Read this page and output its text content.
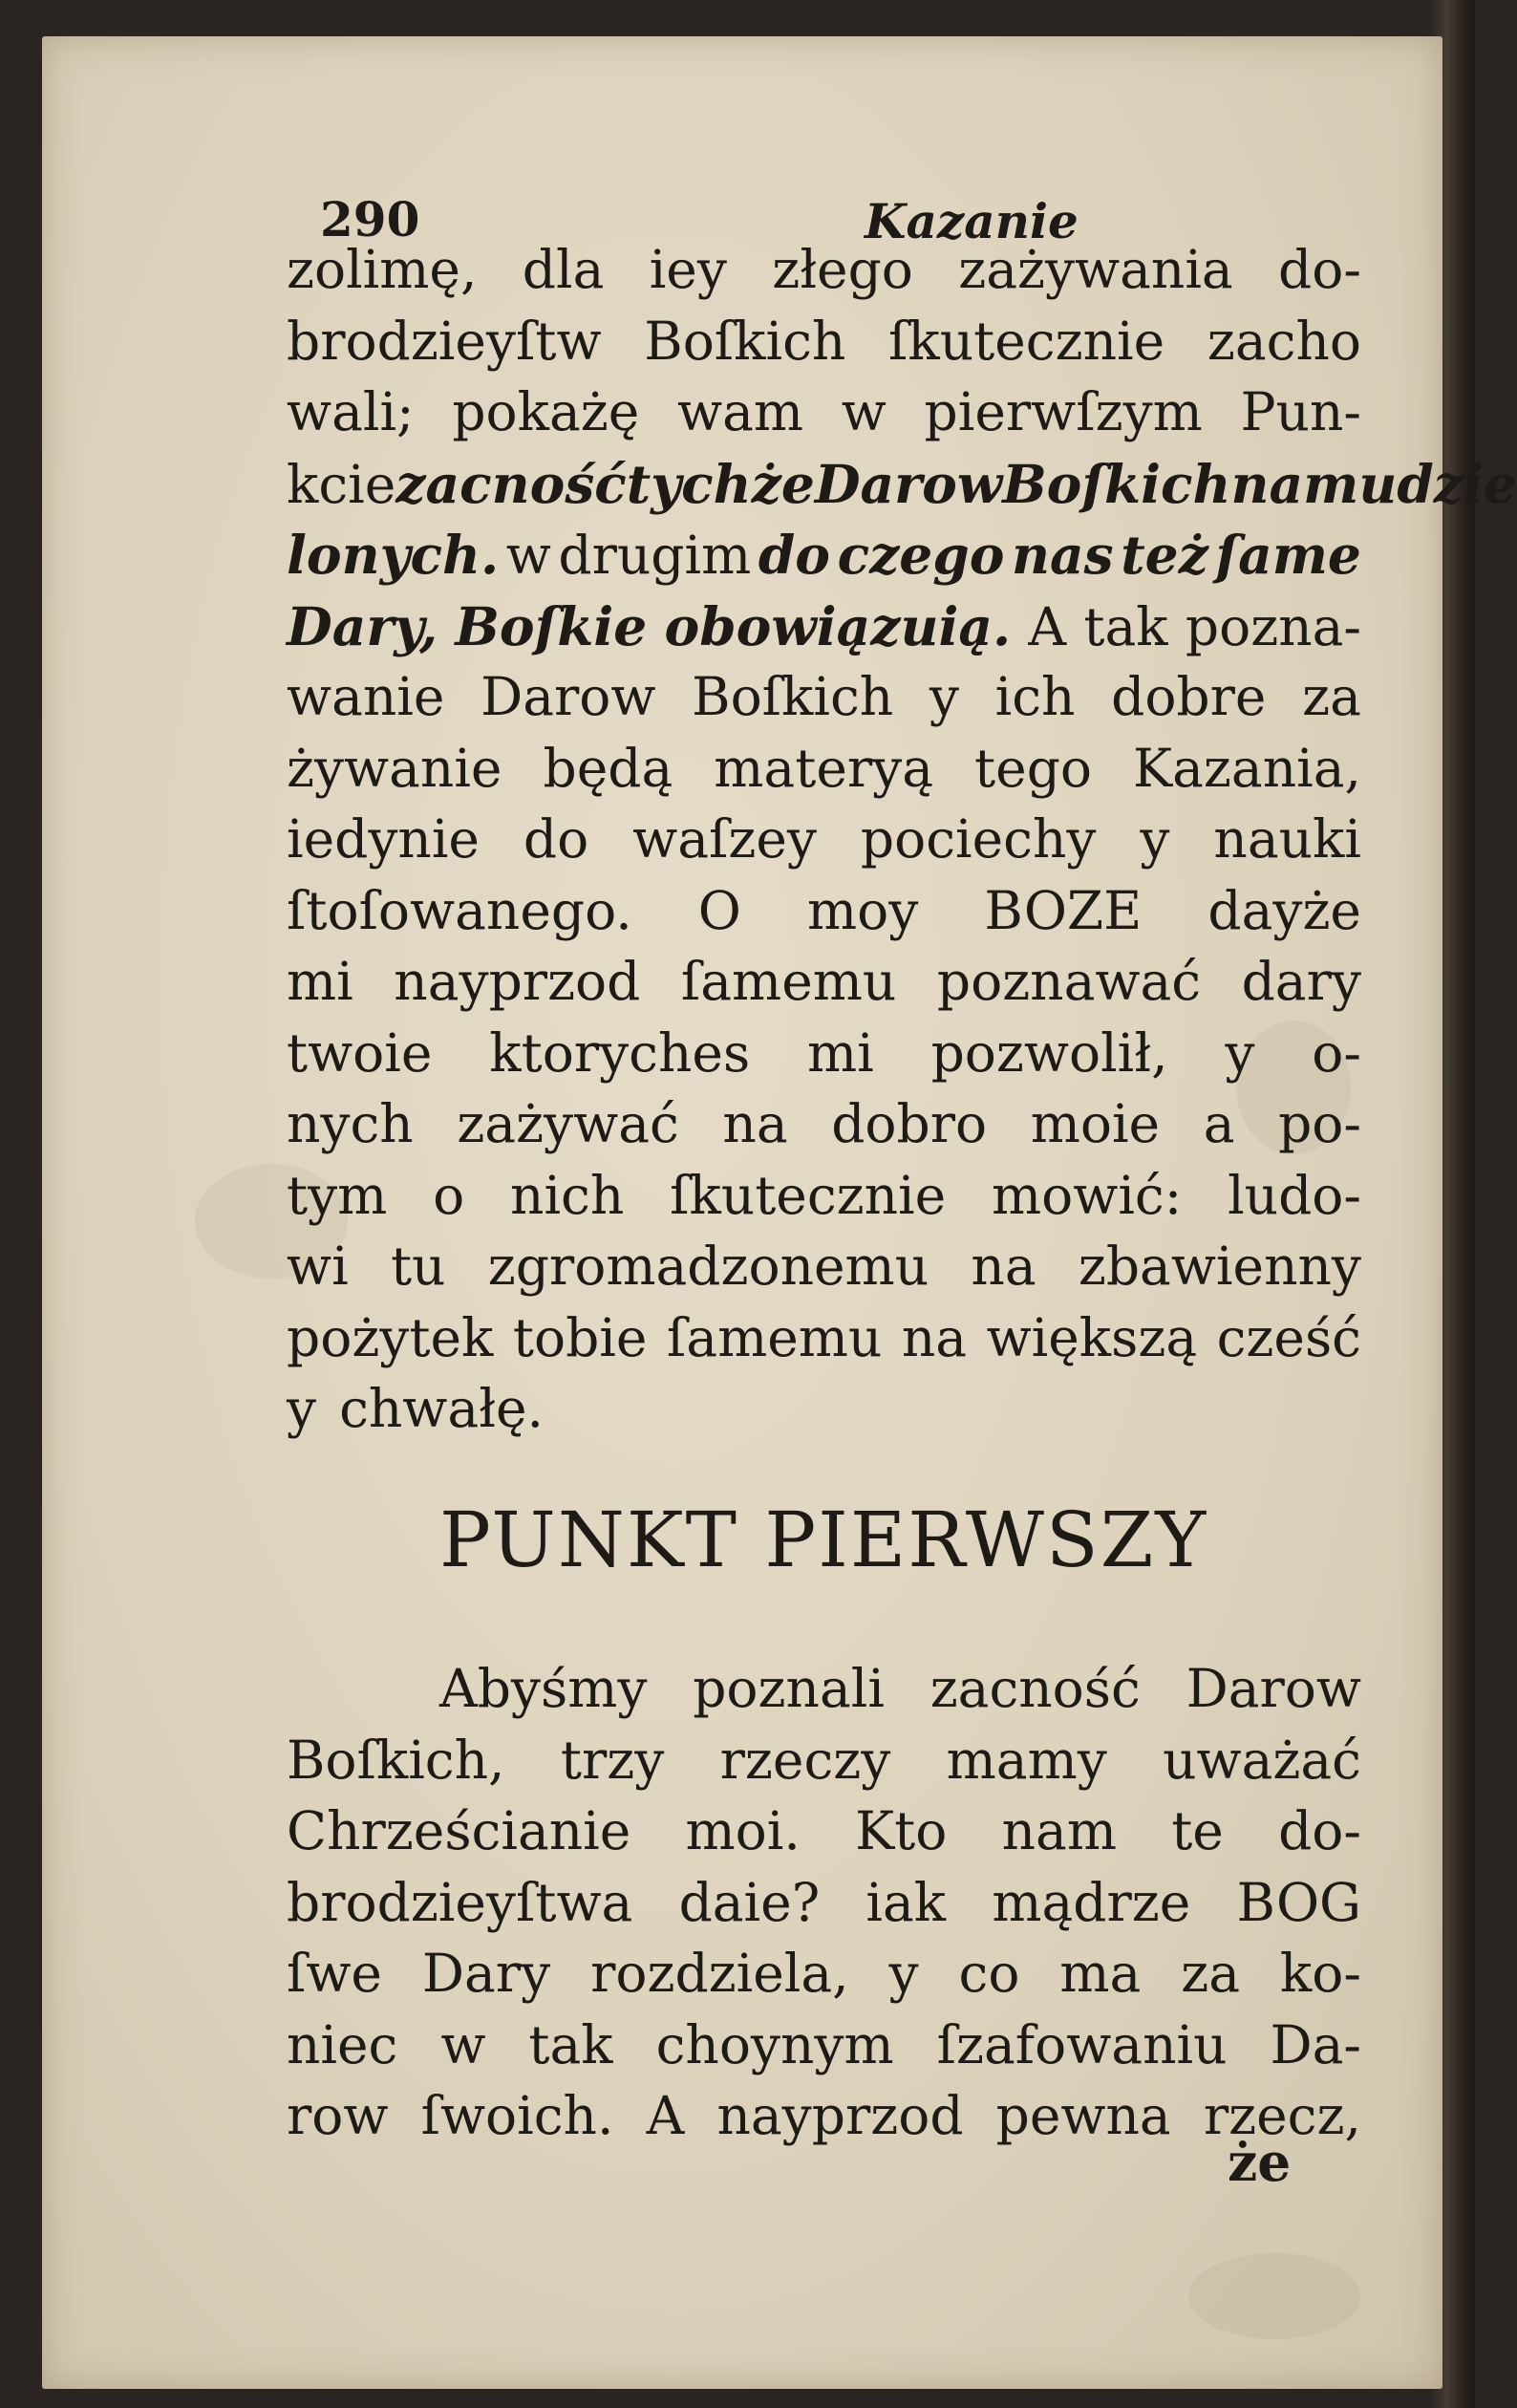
290	Kazanie
zolimę, dla iey złego zażywania do-
brodzieyſtw Boſkich ſkutecznie zacho
wali; pokażę wam w pierwſzym Pun-
kcie zacność tychże Darow Boſkich nam udzie
lonych. w drugim do czego nas też ſame
Dary, Boſkie obowiązuią. A tak pozna-
wanie Darow Boſkich y ich dobre za
żywanie będą materyą tego Kazania,
iedynie do waſzey pociechy y nauki
ſtoſowanego. O moy BOZE dayże
mi nayprzod ſamemu poznawać dary
twoie ktoryches mi pozwolił, y o-
nych zażywać na dobro moie a po-
tym o nich ſkutecznie mowić: ludo-
wi tu zgromadzonemu na zbawienny
pożytek tobie ſamemu na większą cześć
y chwałę.
PUNKT PIERWSZY
Abyśmy poznali zacność Darow
Boſkich, trzy rzeczy mamy uważać
Chrześcianie moi. Kto nam te do-
brodzieyſtwa daie? iak mądrze BOG
ſwe Dary rozdziela, y co ma za ko-
niec w tak choynym ſzafowaniu Da-
row ſwoich. A nayprzod pewna rzecz,
że
